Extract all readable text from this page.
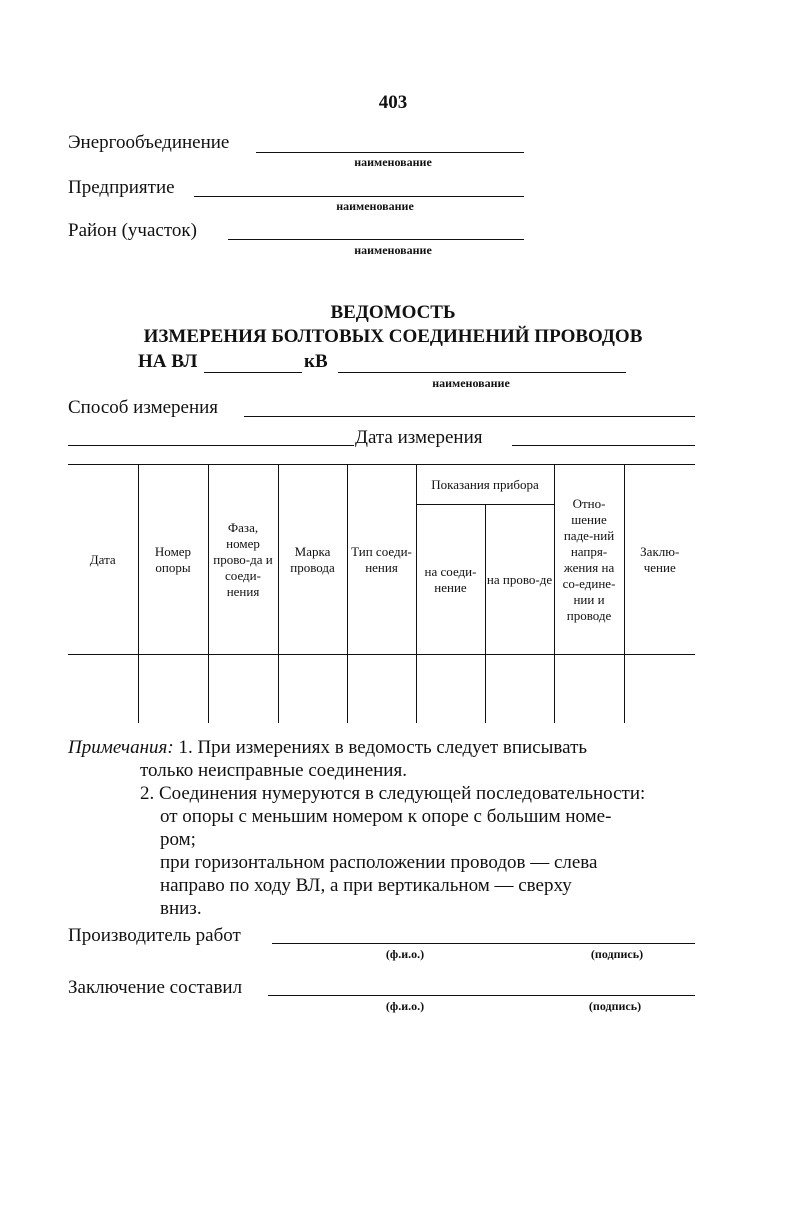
403
Энергообъединение
наименование
Предприятие
наименование
Район (участок)
наименование
ВЕДОМОСТЬ
ИЗМЕРЕНИЯ БОЛТОВЫХ СОЕДИНЕНИЙ ПРОВОДОВ
НА ВЛ	кВ
наименование
Способ измерения
Дата измерения
Дата	Номер опоры	Фаза, номер прово-да и соеди-нения	Марка провода	Тип соеди-нения	Показания прибора		Отно-шение паде-ний напря-жения на со-едине-нии и проводе	Заклю-чение
					на соеди-нение	на прово-де		

Примечания: 1. При измерениях в ведомость следует вписывать
только неисправные соединения.
2. Соединения нумеруются в следующей последовательности:
от опоры с меньшим номером к опоре с большим номе-
ром;
при горизонтальном расположении проводов — слева
направо по ходу ВЛ, а при вертикальном — сверху
вниз.
Производитель работ
(ф.и.о.)	(подпись)
Заключение составил
(ф.и.о.)	(подпись)
